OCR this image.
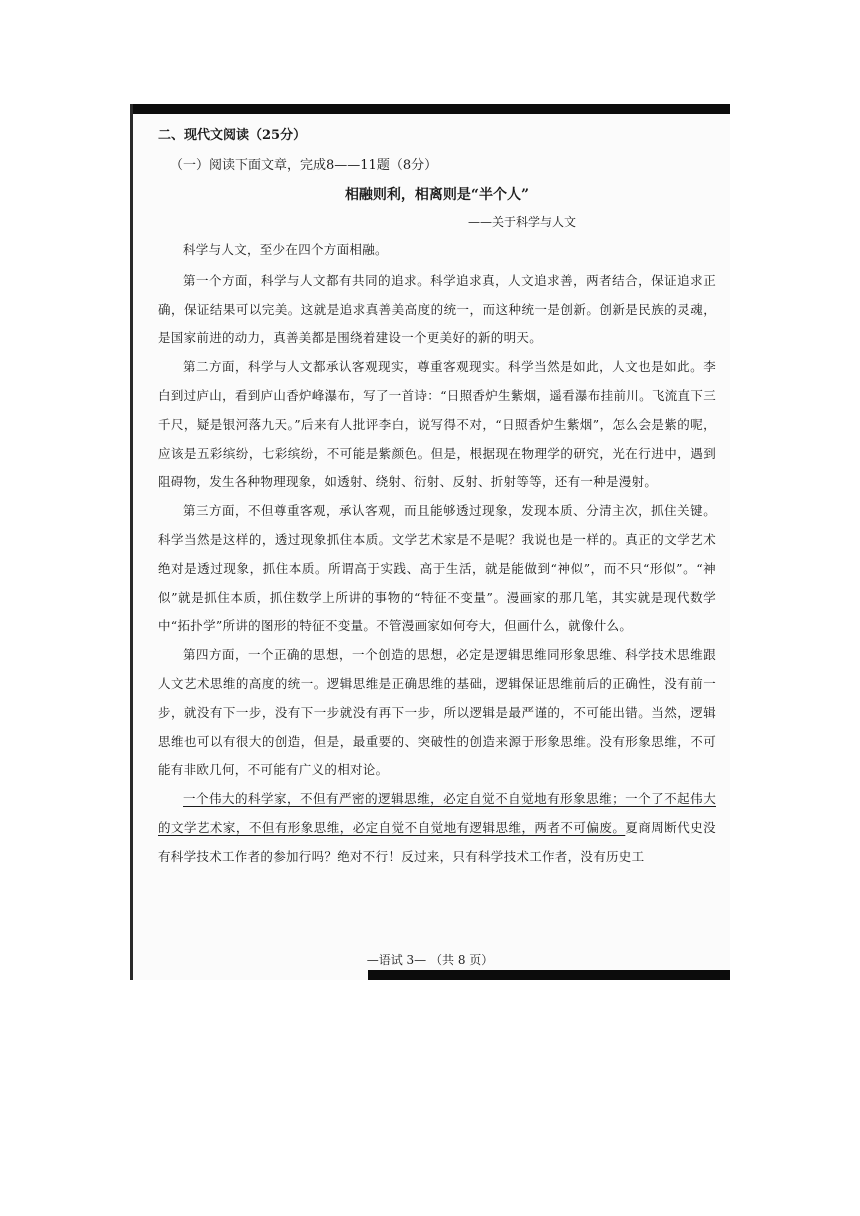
二、现代文阅读（25分）
（一）阅读下面文章，完成8——11题（8分）
相融则利，相离则是“半个人”
——关于科学与人文

科学与人文，至少在四个方面相融。

第一个方面，科学与人文都有共同的追求。科学追求真，人文追求善，两者结合，保证追求正确，保证结果可以完美。这就是追求真善美高度的统一，而这种统一是创新。创新是民族的灵魂，是国家前进的动力，真善美都是围绕着建设一个更美好的新的明天。

第二方面，科学与人文都承认客观现实，尊重客观现实。科学当然是如此，人文也是如此。李白到过庐山，看到庐山香炉峰瀑布，写了一首诗：“日照香炉生紫烟，遥看瀑布挂前川。飞流直下三千尺，疑是银河落九天。”后来有人批评李白，说写得不对，“日照香炉生紫烟”，怎么会是紫的呢，应该是五彩缤纷，七彩缤纷，不可能是紫颜色。但是，根据现在物理学的研究，光在行进中，遇到阻碍物，发生各种物理现象，如透射、绕射、衍射、反射、折射等等，还有一种是漫射。

第三方面，不但尊重客观，承认客观，而且能够透过现象，发现本质、分清主次，抓住关键。科学当然是这样的，透过现象抓住本质。文学艺术家是不是呢？我说也是一样的。真正的文学艺术绝对是透过现象，抓住本质。所谓高于实践、高于生活，就是能做到“神似”，而不只“形似”。“神似”就是抓住本质，抓住数学上所讲的事物的“特征不变量”。漫画家的那几笔，其实就是现代数学中“拓扑学”所讲的图形的特征不变量。不管漫画家如何夸大，但画什么，就像什么。

第四方面，一个正确的思想，一个创造的思想，必定是逻辑思维同形象思维、科学技术思维跟人文艺术思维的高度的统一。逻辑思维是正确思维的基础，逻辑保证思维前后的正确性，没有前一步，就没有下一步，没有下一步就没有再下一步，所以逻辑是最严谨的，不可能出错。当然，逻辑思维也可以有很大的创造，但是，最重要的、突破性的创造来源于形象思维。没有形象思维，不可能有非欧几何，不可能有广义的相对论。

一个伟大的科学家，不但有严密的逻辑思维，必定自觉不自觉地有形象思维；一个了不起伟大的文学艺术家，不但有形象思维，必定自觉不自觉地有逻辑思维，两者不可偏废。夏商周断代史没有科学技术工作者的参加行吗？绝对不行！反过来，只有科学技术工作者，没有历史工

—语试 3— （共 8 页）
